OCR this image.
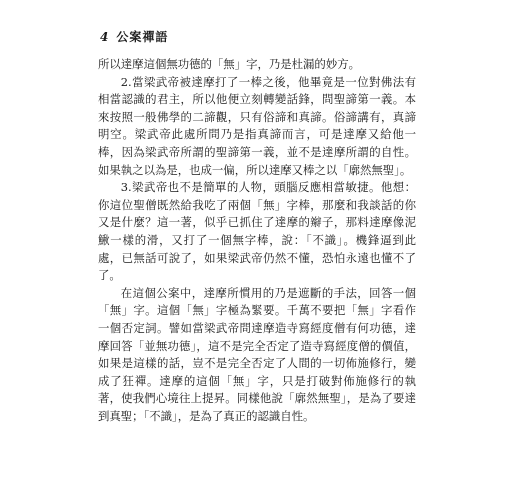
4 公案禪語

所以達摩這個無功德的「無」字，乃是杜漏的妙方。

2.當梁武帝被達摩打了一棒之後，他畢竟是一位對佛法有相當認識的君主，所以他便立刻轉變話鋒，問聖諦第一義。本來按照一般佛學的二諦觀，只有俗諦和真諦。俗諦講有，真諦明空。梁武帝此處所問乃是指真諦而言，可是達摩又給他一棒，因為梁武帝所謂的聖諦第一義，並不是達摩所謂的自性。如果執之以為是，也成一偏，所以達摩又棒之以「廓然無聖」。

3.梁武帝也不是簡單的人物，頭腦反應相當敏捷。他想：你這位聖僧既然給我吃了兩個「無」字棒，那麼和我談話的你又是什麼？這一著，似乎已抓住了達摩的辮子，那料達摩像泥鰍一樣的滑，又打了一個無字棒，說：「不識」。機鋒逼到此處，已無話可說了，如果梁武帝仍然不懂，恐怕永遠也懂不了了。

在這個公案中，達摩所慣用的乃是遮斷的手法，回答一個「無」字。這個「無」字極為緊要。千萬不要把「無」字看作一個否定詞。譬如當梁武帝問達摩造寺寫經度僧有何功德，達摩回答「並無功德」，這不是完全否定了造寺寫經度僧的價值，如果是這樣的話，豈不是完全否定了人間的一切佈施修行，變成了狂禪。達摩的這個「無」字，只是打破對佈施修行的執著，使我們心境往上提昇。同樣他說「廓然無聖」，是為了要達到真聖；「不識」，是為了真正的認識自性。
